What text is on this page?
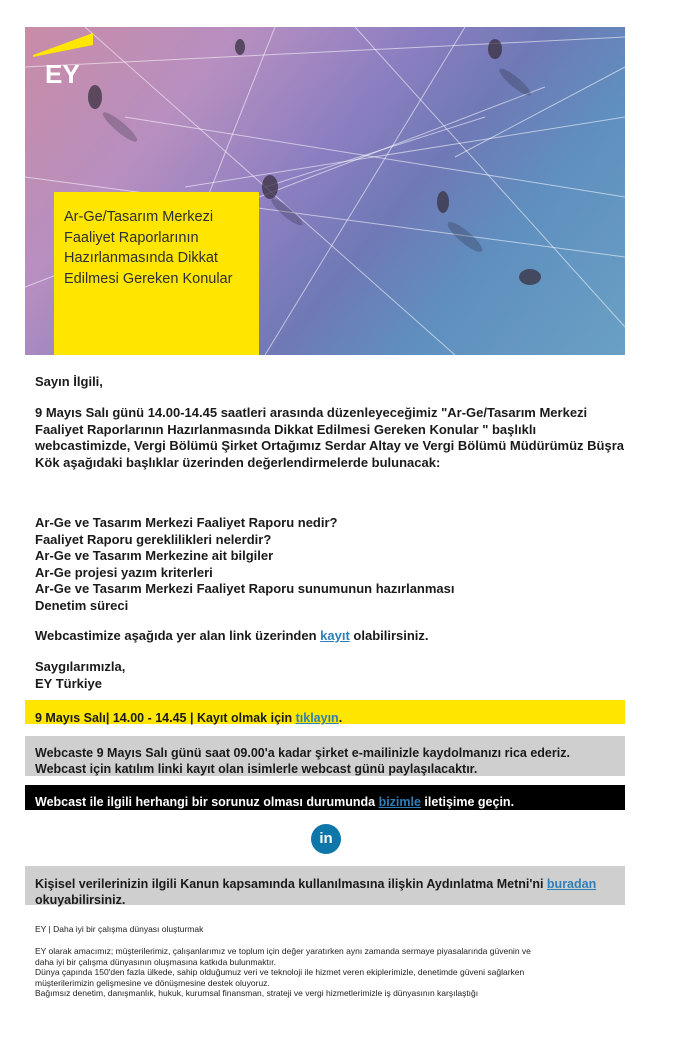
Ar-Ge/Tasarım Merkezi Faaliyet Raporlarının Hazırlanmasında Dikkat Edilmesi Gereken Konular
EY
Sayın İlgili,
9 Mayıs Salı günü 14.00-14.45 saatleri arasında düzenleyeceğimiz "Ar-Ge/Tasarım Merkezi Faaliyet Raporlarının Hazırlanmasında Dikkat Edilmesi Gereken Konular " başlıklı webcastimizde, Vergi Bölümü Şirket Ortağımız Serdar Altay ve Vergi Bölümü Müdürümüz Büşra Kök aşağıdaki başlıklar üzerinden değerlendirmelerde bulunacak:
Ar-Ge ve Tasarım Merkezi Faaliyet Raporu nedir?
Faaliyet Raporu gereklilikleri nelerdir?
Ar-Ge ve Tasarım Merkezine ait bilgiler
Ar-Ge projesi yazım kriterleri
Ar-Ge ve Tasarım Merkezi Faaliyet Raporu sunumunun hazırlanması
Denetim süreci
Webcastimize aşağıda yer alan link üzerinden kayıt olabilirsiniz.
Saygılarımızla,
EY Türkiye
9 Mayıs Salı| 14.00 - 14.45 | Kayıt olmak için tıklayın.
Webcaste 9 Mayıs Salı günü saat 09.00'a kadar şirket e-mailinizle kaydolmanızı rica ederiz.
Webcast için katılım linki kayıt olan isimlerle webcast günü paylaşılacaktır.
Webcast ile ilgili herhangi bir sorunuz olması durumunda bizimle iletişime geçin.
in
Kişisel verilerinizin ilgili Kanun kapsamında kullanılmasına ilişkin Aydınlatma Metni'ni buradan
okuyabilirsiniz.
EY | Daha iyi bir çalışma dünyası oluşturmak
EY olarak amacımız; müşterilerimiz, çalışanlarımız ve toplum için değer yaratırken aynı zamanda sermaye piyasalarında güvenin ve
daha iyi bir çalışma dünyasının oluşmasına katkıda bulunmaktır.
Dünya çapında 150'den fazla ülkede, sahip olduğumuz veri ve teknoloji ile hizmet veren ekiplerimizle, denetimde güveni sağlarken
müşterilerimizin gelişmesine ve dönüşmesine destek oluyoruz.
Bağımsız denetim, danışmanlık, hukuk, kurumsal finansman, strateji ve vergi hizmetlerimizle iş dünyasının karşılaştığı
